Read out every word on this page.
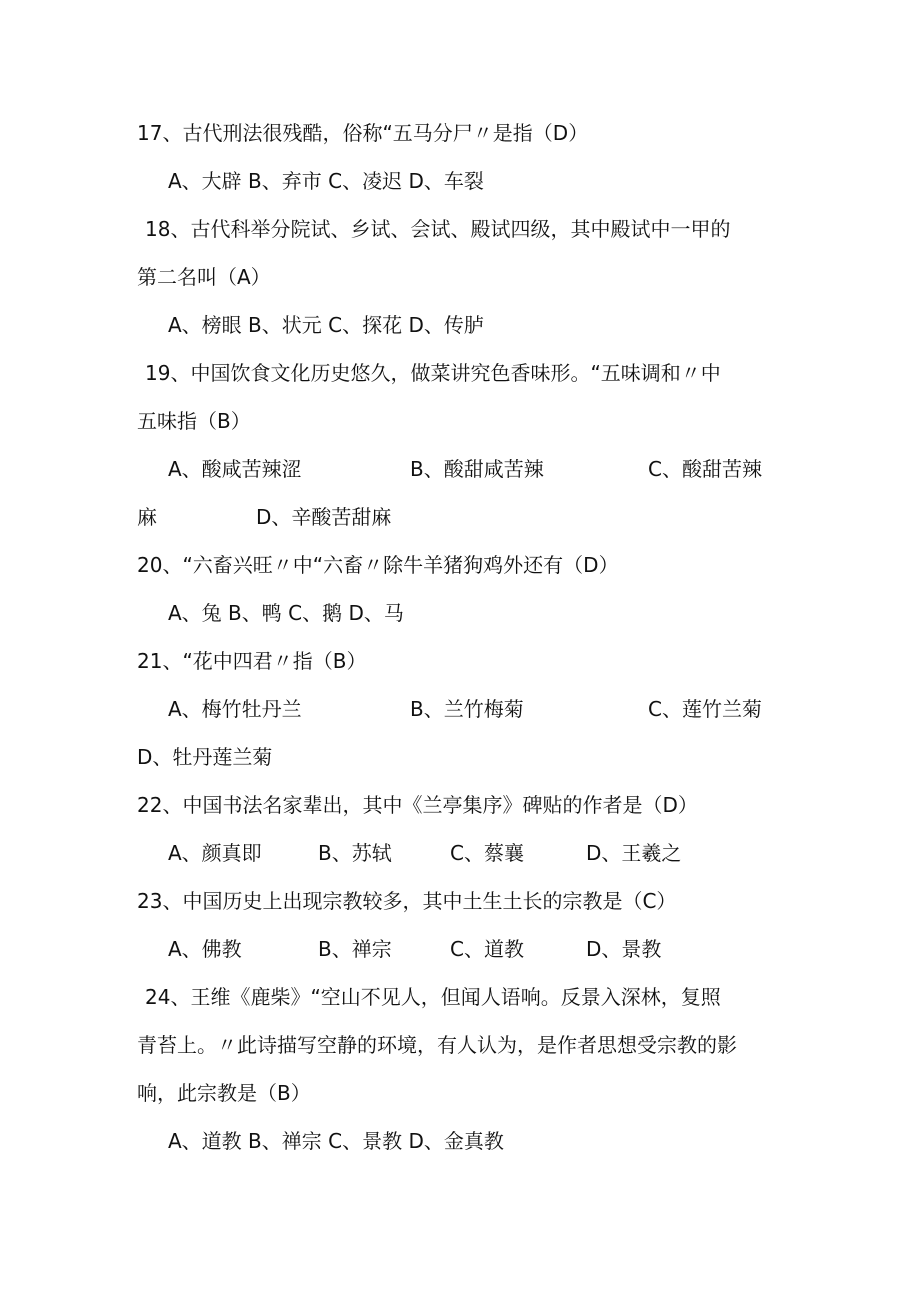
17、古代刑法很残酷，俗称“五马分尸〃是指（D）
A、大辟 B、弃市 C、凌迟 D、车裂
18、古代科举分院试、乡试、会试、殿试四级，其中殿试中一甲的
第二名叫（A）
A、榜眼 B、状元 C、探花 D、传胪
19、中国饮食文化历史悠久，做菜讲究色香味形。“五味调和〃中
五味指（B）
A、酸咸苦辣涩	B、酸甜咸苦辣	C、酸甜苦辣
麻	D、辛酸苦甜麻
20、“六畜兴旺〃中“六畜〃除牛羊猪狗鸡外还有（D）
A、兔 B、鸭 C、鹅 D、马
21、“花中四君〃指（B）
A、梅竹牡丹兰	B、兰竹梅菊	C、莲竹兰菊
D、牡丹莲兰菊
22、中国书法名家辈出，其中《兰亭集序》碑贴的作者是（D）
A、颜真即	B、苏轼	C、蔡襄	D、王羲之
23、中国历史上出现宗教较多，其中土生土长的宗教是（C）
A、佛教	B、禅宗	C、道教	D、景教
24、王维《鹿柴》“空山不见人，但闻人语响。反景入深林，复照
青苔上。〃此诗描写空静的环境，有人认为，是作者思想受宗教的影
响，此宗教是（B）
A、道教 B、禅宗 C、景教 D、金真教
